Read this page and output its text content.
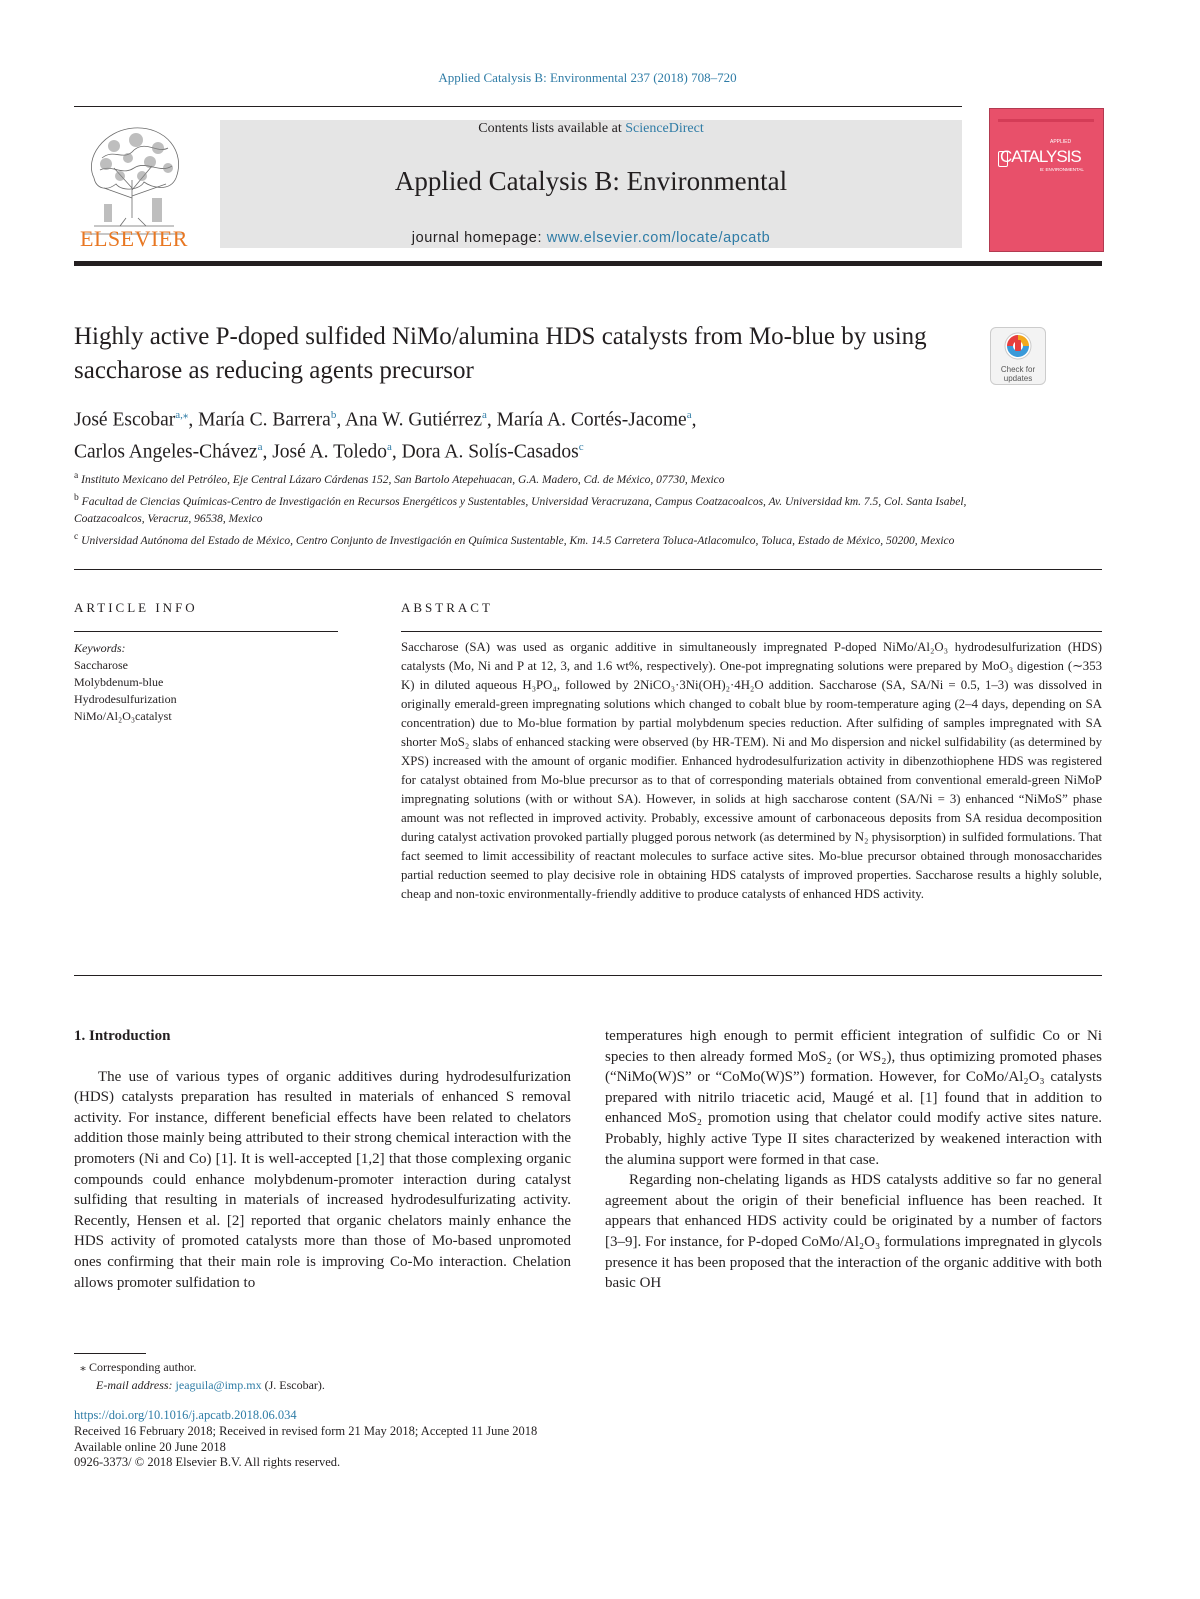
Applied Catalysis B: Environmental 237 (2018) 708–720
ELSEVIER
Contents lists available at ScienceDirect
Applied Catalysis B: Environmental
journal homepage: www.elsevier.com/locate/apcatb
APPLIED
CATALYSIS
B: ENVIRONMENTAL
Highly active P-doped sulfided NiMo/alumina HDS catalysts from Mo-blue by using saccharose as reducing agents precursor	Check for
updates
José Escobar$^{a,⁎}$, María C. Barrera$^b$, Ana W. Gutiérrez$^a$, María A. Cortés-Jacome$^a$,
Carlos Angeles-Chávez$^a$, José A. Toledo$^a$, Dora A. Solís-Casados$^c$
$^a$ Instituto Mexicano del Petróleo, Eje Central Lázaro Cárdenas 152, San Bartolo Atepehuacan, G.A. Madero, Cd. de México, 07730, Mexico
$^b$ Facultad de Ciencias Químicas-Centro de Investigación en Recursos Energéticos y Sustentables, Universidad Veracruzana, Campus Coatzacoalcos, Av. Universidad km. 7.5, Col. Santa Isabel, Coatzacoalcos, Veracruz, 96538, Mexico
$^c$ Universidad Autónoma del Estado de México, Centro Conjunto de Investigación en Química Sustentable, Km. 14.5 Carretera Toluca-Atlacomulco, Toluca, Estado de México, 50200, Mexico
ARTICLE INFO	ABSTRACT
Keywords:
Saccharose
Molybdenum-blue
Hydrodesulfurization
NiMo/Al₂O₃catalyst
Saccharose (SA) was used as organic additive in simultaneously impregnated P-doped NiMo/Al₂O₃ hydrodesulfurization (HDS) catalysts (Mo, Ni and P at 12, 3, and 1.6 wt%, respectively). One-pot impregnating solutions were prepared by MoO₃ digestion (∼353 K) in diluted aqueous H₃PO₄, followed by 2NiCO₃·3Ni(OH)₂·4H₂O addition. Saccharose (SA, SA/Ni = 0.5, 1–3) was dissolved in originally emerald-green impregnating solutions which changed to cobalt blue by room-temperature aging (2–4 days, depending on SA concentration) due to Mo-blue formation by partial molybdenum species reduction. After sulfiding of samples impregnated with SA shorter MoS₂ slabs of enhanced stacking were observed (by HR-TEM). Ni and Mo dispersion and nickel sulfidability (as determined by XPS) increased with the amount of organic modifier. Enhanced hydrodesulfurization activity in dibenzothiophene HDS was registered for catalyst obtained from Mo-blue precursor as to that of corresponding materials obtained from conventional emerald-green NiMoP impregnating solutions (with or without SA). However, in solids at high saccharose content (SA/Ni = 3) enhanced “NiMoS” phase amount was not reflected in improved activity. Probably, excessive amount of carbonaceous deposits from SA residua decomposition during catalyst activation provoked partially plugged porous network (as determined by N₂ physisorption) in sulfided formulations. That fact seemed to limit accessibility of reactant molecules to surface active sites. Mo-blue precursor obtained through monosaccharides partial reduction seemed to play decisive role in obtaining HDS catalysts of improved properties. Saccharose results a highly soluble, cheap and non-toxic environmentally-friendly additive to produce catalysts of enhanced HDS activity.
1. Introduction

The use of various types of organic additives during hydrodesulfurization (HDS) catalysts preparation has resulted in materials of enhanced S removal activity. For instance, different beneficial effects have been related to chelators addition those mainly being attributed to their strong chemical interaction with the promoters (Ni and Co) [1]. It is well-accepted [1,2] that those complexing organic compounds could enhance molybdenum-promoter interaction during catalyst sulfiding that resulting in materials of increased hydrodesulfurizating activity. Recently, Hensen et al. [2] reported that organic chelators mainly enhance the HDS activity of promoted catalysts more than those of Mo-based unpromoted ones confirming that their main role is improving Co-Mo interaction. Chelation allows promoter sulfidation to

temperatures high enough to permit efficient integration of sulfidic Co or Ni species to then already formed MoS₂ (or WS₂), thus optimizing promoted phases (“NiMo(W)S” or “CoMo(W)S”) formation. However, for CoMo/Al₂O₃ catalysts prepared with nitrilo triacetic acid, Maugé et al. [1] found that in addition to enhanced MoS₂ promotion using that chelator could modify active sites nature. Probably, highly active Type II sites characterized by weakened interaction with the alumina support were formed in that case.

Regarding non-chelating ligands as HDS catalysts additive so far no general agreement about the origin of their beneficial influence has been reached. It appears that enhanced HDS activity could be originated by a number of factors [3–9]. For instance, for P-doped CoMo/Al₂O₃ formulations impregnated in glycols presence it has been proposed that the interaction of the organic additive with both basic OH

⁎ Corresponding author.
E-mail address: jeaguila@imp.mx (J. Escobar).
https://doi.org/10.1016/j.apcatb.2018.06.034
Received 16 February 2018; Received in revised form 21 May 2018; Accepted 11 June 2018
Available online 20 June 2018
0926-3373/ © 2018 Elsevier B.V. All rights reserved.
